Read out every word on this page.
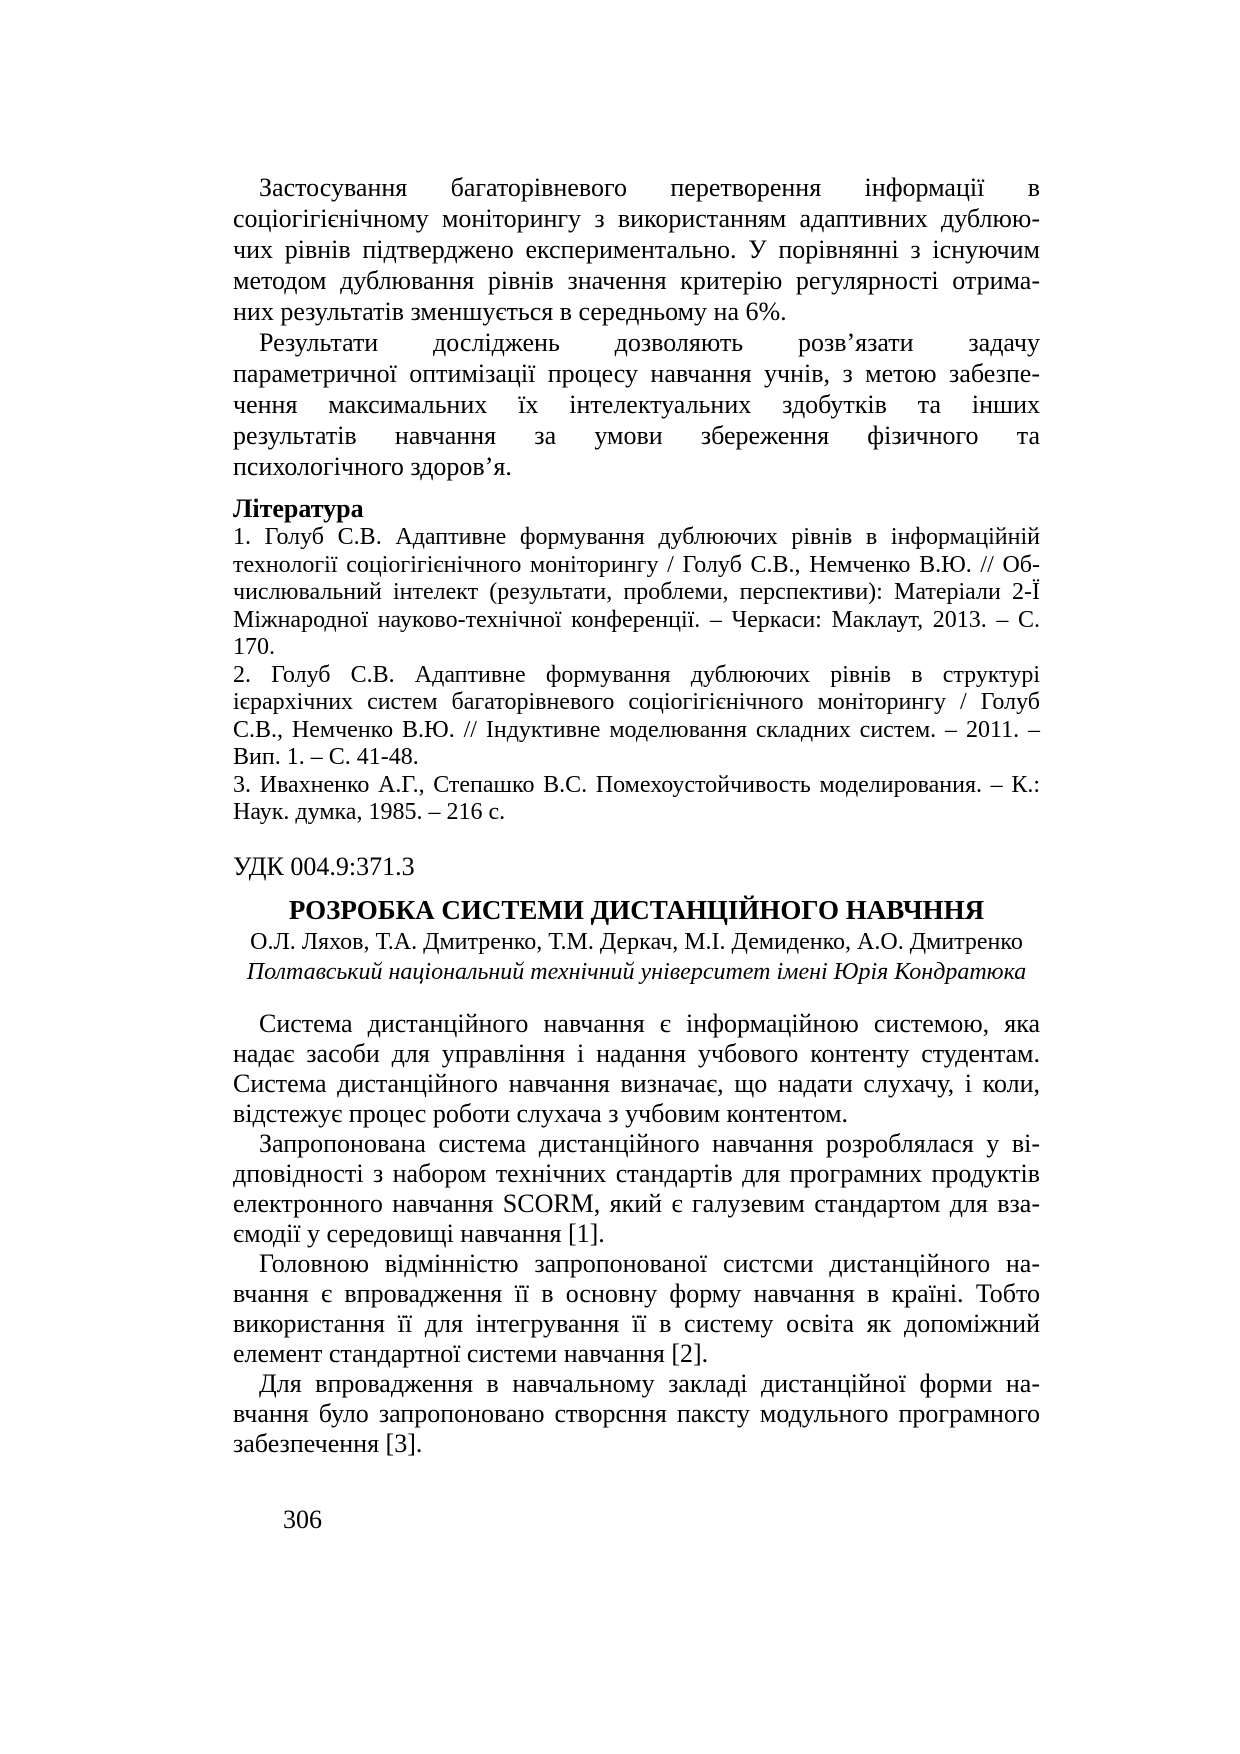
Застосування багаторівневого перетворення інформації в
соціогігієнічному моніторингу з використанням адаптивних дублюю-
чих рівнів підтверджено експериментально. У порівнянні з існуючим
методом дублювання рівнів значення критерію регулярності отрима-
них результатів зменшується в середньому на 6%.
Результати досліджень дозволяють розв’язати задачу
параметричної оптимізації процесу навчання учнів, з метою забезпе-
чення максимальних їх інтелектуальних здобутків та інших
результатів навчання за умови збереження фізичного та
психологічного здоров’я.
Література
1. Голуб С.В. Адаптивне формування дублюючих рівнів в інформаційній
технології соціогігієнічного моніторингу / Голуб С.В., Немченко В.Ю. // Об-
числювальний інтелект (результати, проблеми, перспективи): Матеріали 2-Ї
Міжнародної науково-технічної конференції. – Черкаси: Маклаут, 2013. – С.
170.
2. Голуб С.В. Адаптивне формування дублюючих рівнів в структурі
ієрархічних систем багаторівневого соціогігієнічного моніторингу / Голуб
С.В., Немченко В.Ю. // Індуктивне моделювання складних систем. – 2011. –
Вип. 1. – С. 41-48.
3. Ивахненко А.Г., Степашко В.С. Помехоустойчивость моделирования. – К.:
Наук. думка, 1985. – 216 с.
УДК 004.9:371.3
РОЗРОБКА СИСТЕМИ ДИСТАНЦІЙНОГО НАВЧННЯ
О.Л. Ляхов, Т.А. Дмитренко, Т.М. Деркач, М.І. Демиденко, А.О. Дмитренко
Полтавський національний технічний університет імені Юрія Кондратюка
Система дистанційного навчання є інформаційною системою, яка
надає засоби для управління і надання учбового контенту студентам.
Система дистанційного навчання визначає, що надати слухачу, і коли,
відстежує процес роботи слухача з учбовим контентом.
Запропонована система дистанційного навчання розроблялася у ві-
дповідності з набором технічних стандартів для програмних продуктів
електронного навчання SCORM, який є галузевим стандартом для вза-
ємодії у середовищі навчання [1].
Головною відмінністю запропонованої систсми дистанційного на-
вчання є впровадження її в основну форму навчання в країні. Тобто
використання її для інтегрування її в систему освіта як допоміжний
елемент стандартної системи навчання [2].
Для впровадження в навчальному закладі дистанційної форми на-
вчання було запропоновано створсння паксту модульного програмного
забезпечення [3].
306
